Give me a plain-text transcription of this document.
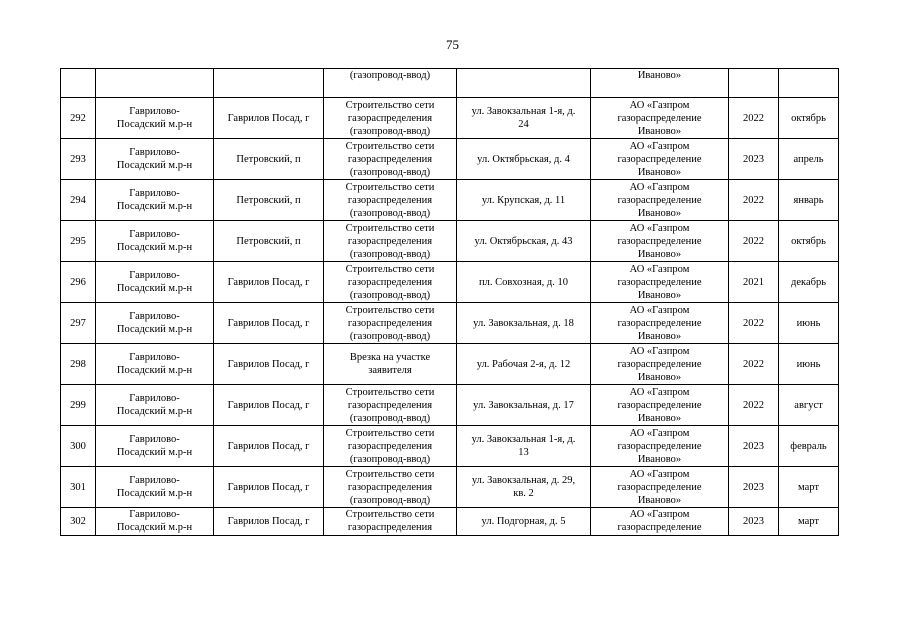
75
			(газопровод-ввод)		Иваново»		
292	Гаврилово-
Посадский м.р-н	Гаврилов Посад, г	Строительство сети
газораспределения
(газопровод-ввод)	ул. Завокзальная 1-я, д.
24	АО «Газпром
газораспределение
Иваново»	2022	октябрь
293	Гаврилово-
Посадский м.р-н	Петровский, п	Строительство сети
газораспределения
(газопровод-ввод)	ул. Октябрьская, д. 4	АО «Газпром
газораспределение
Иваново»	2023	апрель
294	Гаврилово-
Посадский м.р-н	Петровский, п	Строительство сети
газораспределения
(газопровод-ввод)	ул. Крупская, д. 11	АО «Газпром
газораспределение
Иваново»	2022	январь
295	Гаврилово-
Посадский м.р-н	Петровский, п	Строительство сети
газораспределения
(газопровод-ввод)	ул. Октябрьская, д. 43	АО «Газпром
газораспределение
Иваново»	2022	октябрь
296	Гаврилово-
Посадский м.р-н	Гаврилов Посад, г	Строительство сети
газораспределения
(газопровод-ввод)	пл. Совхозная, д. 10	АО «Газпром
газораспределение
Иваново»	2021	декабрь
297	Гаврилово-
Посадский м.р-н	Гаврилов Посад, г	Строительство сети
газораспределения
(газопровод-ввод)	ул. Завокзальная, д. 18	АО «Газпром
газораспределение
Иваново»	2022	июнь
298	Гаврилово-
Посадский м.р-н	Гаврилов Посад, г	Врезка на участке
заявителя	ул. Рабочая 2-я, д. 12	АО «Газпром
газораспределение
Иваново»	2022	июнь
299	Гаврилово-
Посадский м.р-н	Гаврилов Посад, г	Строительство сети
газораспределения
(газопровод-ввод)	ул. Завокзальная, д. 17	АО «Газпром
газораспределение
Иваново»	2022	август
300	Гаврилово-
Посадский м.р-н	Гаврилов Посад, г	Строительство сети
газораспределения
(газопровод-ввод)	ул. Завокзальная 1-я, д.
13	АО «Газпром
газораспределение
Иваново»	2023	февраль
301	Гаврилово-
Посадский м.р-н	Гаврилов Посад, г	Строительство сети
газораспределения
(газопровод-ввод)	ул. Завокзальная, д. 29,
кв. 2	АО «Газпром
газораспределение
Иваново»	2023	март
302	Гаврилово-
Посадский м.р-н	Гаврилов Посад, г	Строительство сети
газораспределения	ул. Подгорная, д. 5	АО «Газпром
газораспределение	2023	март
